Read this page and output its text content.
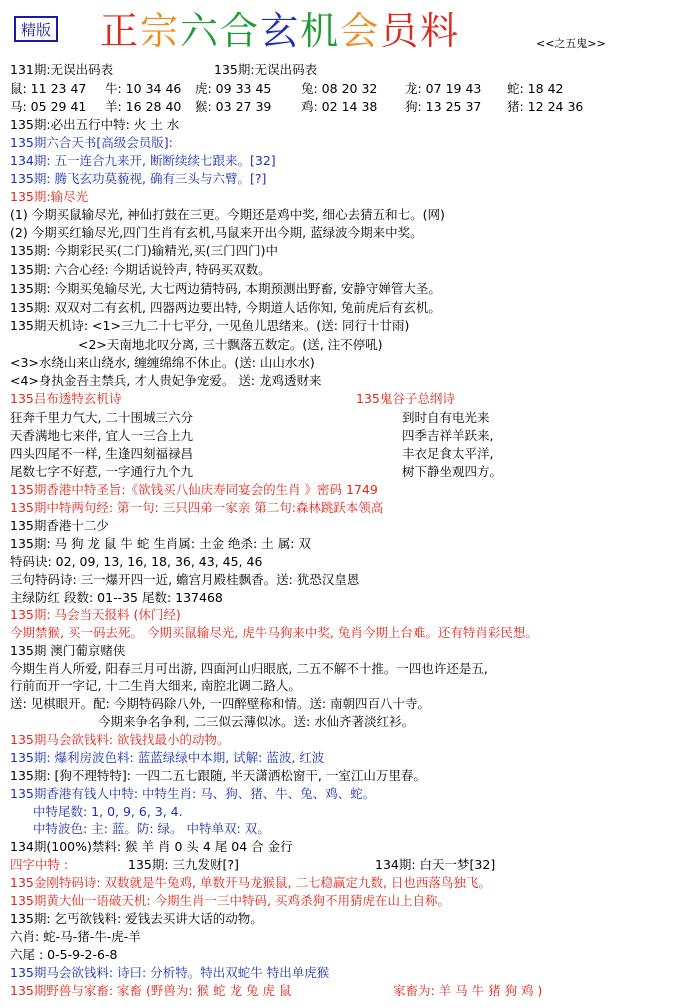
精版 正宗六合玄机会员料	<<之五鬼>>
131期:无误出码表	135期:无误出码表
鼠: 11 23 47 牛: 10 34 46 虎: 09 33 45 兔: 08 20 32 龙: 07 19 43 蛇: 18 42
马: 05 29 41 羊: 16 28 40 猴: 03 27 39 鸡: 02 14 38 狗: 13 25 37 猪: 12 24 36
135期:必出五行中特: 火 土 水
135期六合天书[高级会员版]:
134期: 五一连合九来开, 断断续续七跟来。[32]
135期: 腾飞玄功莫藐视, 确有三头与六臂。[?]
135期:输尽光
(1) 今期买鼠输尽光, 神仙打鼓在三更。今期还是鸡中奖, 细心去猜五和七。(网)
(2) 今期买红输尽光,四门生肖有玄机,马鼠来开出今期, 蓝绿波今期来中奖。
135期: 今期彩民买(二门)输精光,买(三门四门)中
135期: 六合心经: 今期话说铃声, 特码买双数。
135期: 今期买兔输尽光, 大七两边猜特码, 本期预测出野畜, 安静守婵管大圣。
135期: 双双对二有玄机, 四器两边要出特, 今期道人话你知, 兔前虎后有玄机。
135期天机诗: <1>三九二十七平分, 一见鱼儿思绪来。(送: 同行十廿雨)
<2>天南地北叹分离, 三十飘落五数定。(送, 注不停吼)
<3>水绕山来山绕水, 缠缠绵绵不休止。(送: 山山水水)
<4>身执金吾主禁兵, 才人贵妃争宠爱。 送: 龙鸡透财来
135吕布透特玄机诗	135鬼谷子总纲诗
狂奔千里力气大, 二十围城三六分	到时自有电光来
天香满地七来伴, 宜人一三合上九	四季吉祥羊跃来,
四头四尾不一样, 生逢四刻福禄昌	丰衣足食太平洋,
尾数七字不好惹, 一字通行九个九	树下静坐观四方。
135期香港中特圣旨:《欲钱买八仙庆寿同宴会的生肖 》密码 1749
135期中特两句经: 第一句: 三只四弟一家亲 第二句:森林跳跃本领高
135期香港十二少
135期: 马 狗 龙 鼠 牛 蛇 生肖属: 土金 绝杀: 土 属: 双
特码诀: 02, 09, 13, 16, 18, 36, 43, 45, 46
三句特码诗: 三一爆开四一近, 蟾宫月殿桂飘香。送: 犹恐汉皇恩
主绿防红 段数: 01--35 尾数: 137468
135期: 马会当天报料 (休门经)
今期禁猴, 买一码去死。 今期买鼠输尽光, 虎牛马狗来中奖, 兔肖今期上台难。还有特肖彩民想。
135期 澳门葡京赌侠
今期生肖人所爱, 阳春三月可出游, 四面河山归眼底, 二五不解不十推。一四也许还是五,
行前而开一字记, 十二生肖大细来, 南腔北调二路人。
送: 见棋眼开。配: 今期特码除八外, 一四醉壁称和情。送: 南朝四百八十寺。
今期来争名争利, 二三似云薄似冰。送: 水仙齐著淡红衫。
135期马会欲钱料: 欲钱找最小的动物。
135期: 爆利房波色料: 蓝蓝绿绿中本期, 试解: 蓝波, 红波
135期: [狗不理特特]: 一四二五七跟随, 半天潇洒松窗干, 一室江山万里春。
135期香港有钱人中特: 中特生肖: 马、狗、猪、牛、兔、鸡、蛇。
中特尾数: 1, 0, 9, 6, 3, 4.
中特波色: 主: 蓝。防: 绿。 中特单双: 双。
134期(100%)禁料: 猴 羊 肖 0 头 4 尾 04 合 金行
四字中特 :	135期: 三九发财[?]	134期: 白天一梦[32]
135金刚特码诗: 双数就是牛兔鸡, 单数开马龙猴鼠, 二七稳赢定九数, 日也西落鸟独飞。
135期黄大仙一语破天机: 今期生肖一三中特码, 买鸡杀狗不用猜虎在山上自称。
135期: 乞丐欲钱料: 爱钱去买讲大话的动物。
六肖: 蛇-马-猪-牛-虎-羊
六尾 : 0-5-9-2-6-8
135期马会欲钱料: 诗曰: 分析特。特出双蛇牛 特出单虎猴
135期野兽与家畜: 家畜 (野兽为: 猴 蛇 龙 兔 虎 鼠	家畜为: 羊 马 牛 猪 狗 鸡 )
